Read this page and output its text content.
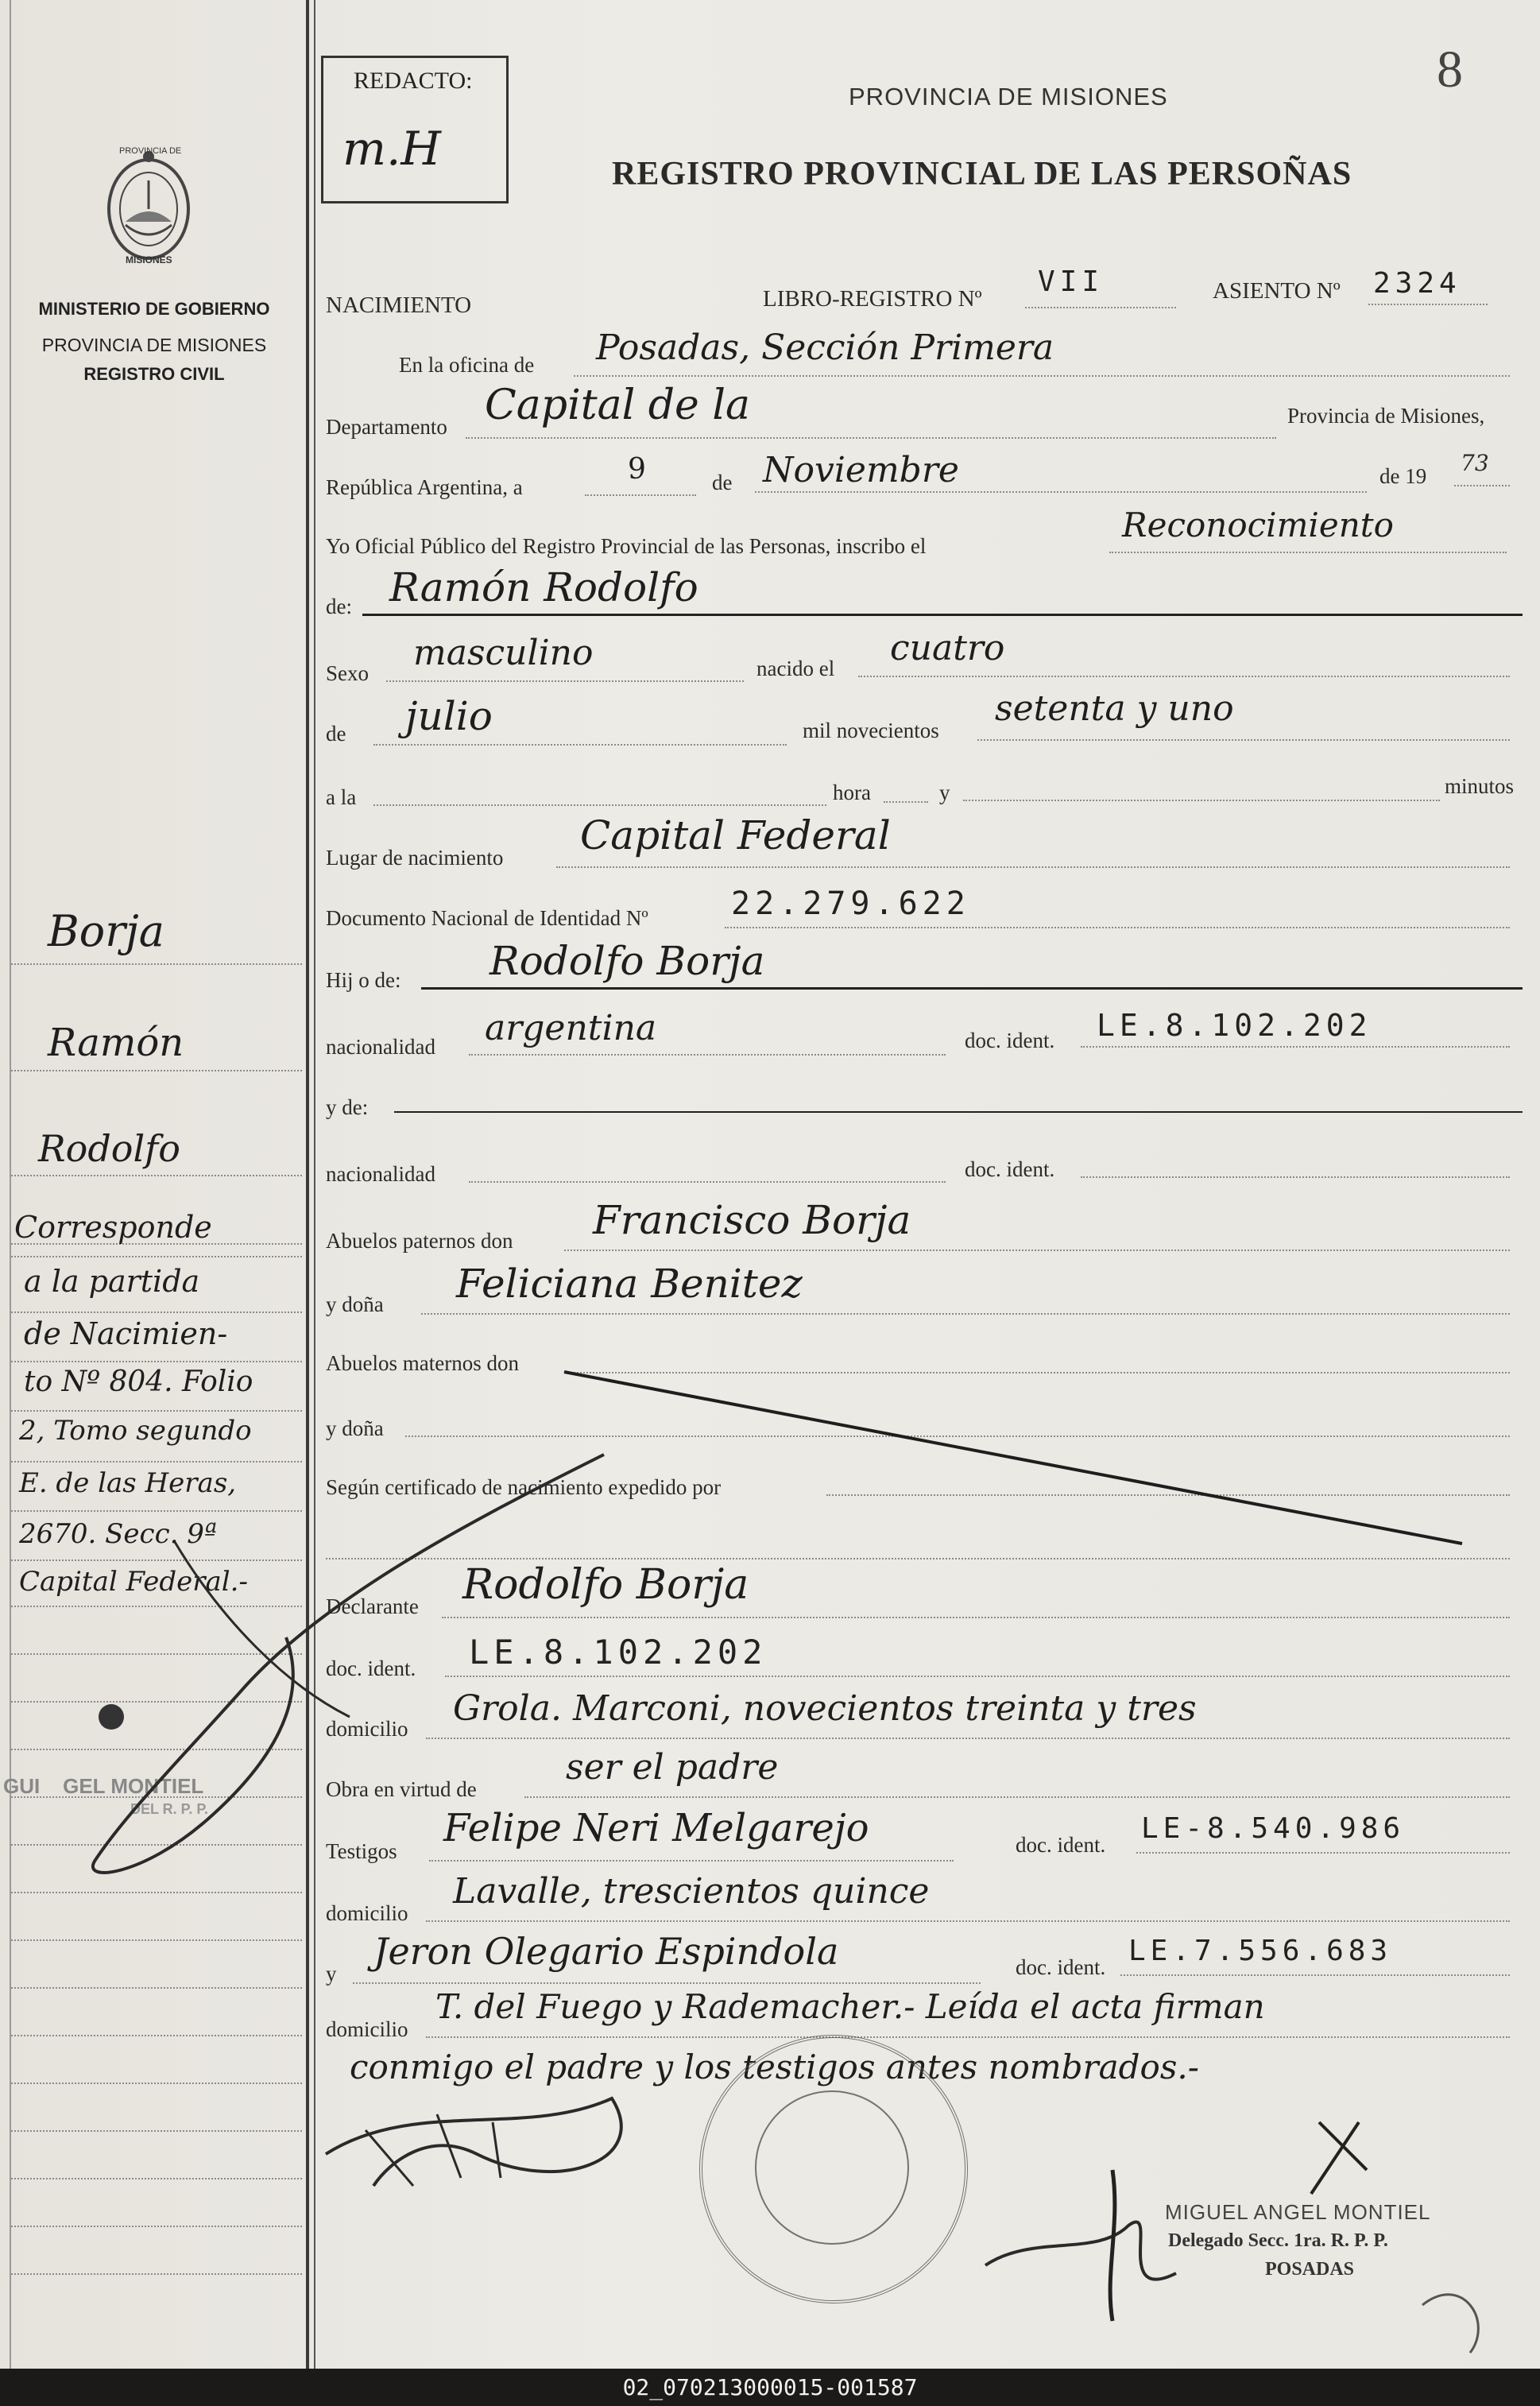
8
REDACTO:
m.H
PROVINCIA DE MISIONES
REGISTRO PROVINCIAL DE LAS PERSOÑAS
PROVINCIA DE
MISIONES
MINISTERIO DE GOBIERNO
PROVINCIA DE MISIONES
REGISTRO CIVIL
NACIMIENTO	LIBRO-REGISTRO Nº
VII	ASIENTO Nº 2324
En la oficina de Posadas, Sección Primera
Departamento Capital de la	Provincia de Misiones,
República Argentina, a
9	de Noviembre	de 19 73
Yo Oficial Público del Registro Provincial de las Personas, inscribo el
Reconocimiento
de: Ramón Rodolfo
Sexo masculino	nacido el cuatro
de julio	mil novecientos
setenta y uno
a la	hora	y	minutos
Lugar de nacimiento Capital Federal
Documento Nacional de Identidad Nº	22.279.622
Hij o de: Rodolfo Borja
nacionalidad argentina	doc. ident. LE.8.102.202
y de:
nacionalidad	doc. ident.
Abuelos paternos don Francisco Borja
y doña Feliciana Benitez
Abuelos maternos don
y doña
Según certificado de nacimiento expedido por
Declarante Rodolfo Borja
doc. ident. LE.8.102.202
domicilio Grola. Marconi, novecientos treinta y tres
Obra en virtud de
ser el padre
Testigos
Felipe Neri Melgarejo	doc. ident. LE-8.540.986
domicilio
Lavalle, trescientos quince
y
Jeron Olegario Espindola	doc. ident. LE.7.556.683
domicilio
T. del Fuego y Rademacher.- Leída el acta firman
conmigo el padre y los testigos antes nombrados.-
MIGUEL ANGEL MONTIEL
Delegado Secc. 1ra. R. P. P.
POSADAS
Borja
Ramón
Rodolfo
Corresponde
a la partida
de Nacimien-
to Nº 804. Folio
2, Tomo segundo
E. de las Heras,
2670. Secc. 9ª
Capital Federal.-
GUI    GEL MONTIEL
DEL R. P. P.
02_070213000015-001587
